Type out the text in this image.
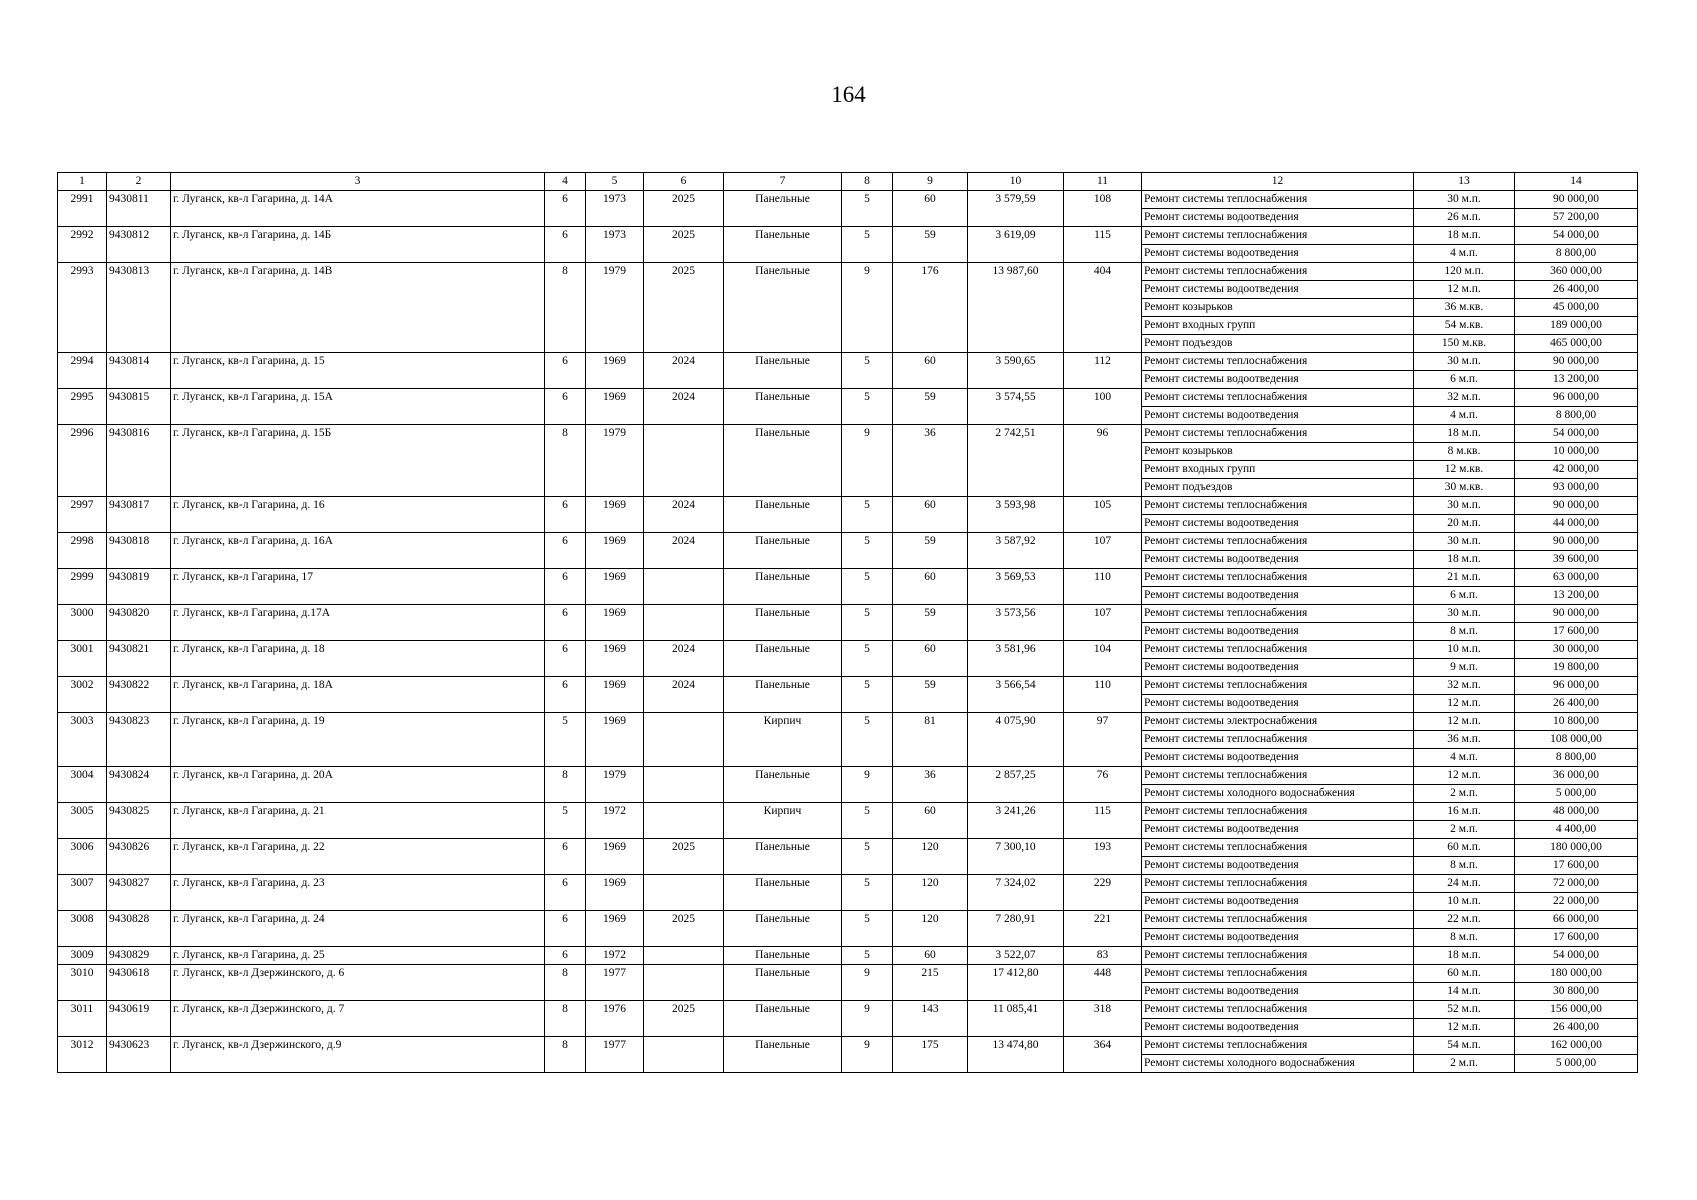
164
1	2	3	4	5	6	7	8	9	10	11	12	13	14
2991	9430811	г. Луганск, кв-л Гагарина, д. 14А	6	1973	2025	Панельные	5	60	3 579,59	108	Ремонт системы теплоснабжения	30 м.п.	90 000,00
											Ремонт системы водоотведения	26 м.п.	57 200,00
2992	9430812	г. Луганск, кв-л Гагарина, д. 14Б	6	1973	2025	Панельные	5	59	3 619,09	115	Ремонт системы теплоснабжения	18 м.п.	54 000,00
											Ремонт системы водоотведения	4 м.п.	8 800,00
2993	9430813	г. Луганск, кв-л Гагарина, д. 14В	8	1979	2025	Панельные	9	176	13 987,60	404	Ремонт системы теплоснабжения	120 м.п.	360 000,00
											Ремонт системы водоотведения	12 м.п.	26 400,00
											Ремонт козырьков	36 м.кв.	45 000,00
											Ремонт входных групп	54 м.кв.	189 000,00
											Ремонт подъездов	150 м.кв.	465 000,00
2994	9430814	г. Луганск, кв-л Гагарина, д. 15	6	1969	2024	Панельные	5	60	3 590,65	112	Ремонт системы теплоснабжения	30 м.п.	90 000,00
											Ремонт системы водоотведения	6 м.п.	13 200,00
2995	9430815	г. Луганск, кв-л Гагарина, д. 15А	6	1969	2024	Панельные	5	59	3 574,55	100	Ремонт системы теплоснабжения	32 м.п.	96 000,00
											Ремонт системы водоотведения	4 м.п.	8 800,00
2996	9430816	г. Луганск, кв-л Гагарина, д. 15Б	8	1979		Панельные	9	36	2 742,51	96	Ремонт системы теплоснабжения	18 м.п.	54 000,00
											Ремонт козырьков	8 м.кв.	10 000,00
											Ремонт входных групп	12 м.кв.	42 000,00
											Ремонт подъездов	30 м.кв.	93 000,00
2997	9430817	г. Луганск, кв-л Гагарина, д. 16	6	1969	2024	Панельные	5	60	3 593,98	105	Ремонт системы теплоснабжения	30 м.п.	90 000,00
											Ремонт системы водоотведения	20 м.п.	44 000,00
2998	9430818	г. Луганск, кв-л Гагарина, д. 16А	6	1969	2024	Панельные	5	59	3 587,92	107	Ремонт системы теплоснабжения	30 м.п.	90 000,00
											Ремонт системы водоотведения	18 м.п.	39 600,00
2999	9430819	г. Луганск, кв-л Гагарина, 17	6	1969		Панельные	5	60	3 569,53	110	Ремонт системы теплоснабжения	21 м.п.	63 000,00
											Ремонт системы водоотведения	6 м.п.	13 200,00
3000	9430820	г. Луганск, кв-л Гагарина, д.17А	6	1969		Панельные	5	59	3 573,56	107	Ремонт системы теплоснабжения	30 м.п.	90 000,00
											Ремонт системы водоотведения	8 м.п.	17 600,00
3001	9430821	г. Луганск, кв-л Гагарина, д. 18	6	1969	2024	Панельные	5	60	3 581,96	104	Ремонт системы теплоснабжения	10 м.п.	30 000,00
											Ремонт системы водоотведения	9 м.п.	19 800,00
3002	9430822	г. Луганск, кв-л Гагарина, д. 18А	6	1969	2024	Панельные	5	59	3 566,54	110	Ремонт системы теплоснабжения	32 м.п.	96 000,00
											Ремонт системы водоотведения	12 м.п.	26 400,00
3003	9430823	г. Луганск, кв-л Гагарина, д. 19	5	1969		Кирпич	5	81	4 075,90	97	Ремонт системы электроснабжения	12 м.п.	10 800,00
											Ремонт системы теплоснабжения	36 м.п.	108 000,00
											Ремонт системы водоотведения	4 м.п.	8 800,00
3004	9430824	г. Луганск, кв-л Гагарина, д. 20А	8	1979		Панельные	9	36	2 857,25	76	Ремонт системы теплоснабжения	12 м.п.	36 000,00
											Ремонт системы холодного водоснабжения	2 м.п.	5 000,00
3005	9430825	г. Луганск, кв-л Гагарина, д. 21	5	1972		Кирпич	5	60	3 241,26	115	Ремонт системы теплоснабжения	16 м.п.	48 000,00
											Ремонт системы водоотведения	2 м.п.	4 400,00
3006	9430826	г. Луганск, кв-л Гагарина, д. 22	6	1969	2025	Панельные	5	120	7 300,10	193	Ремонт системы теплоснабжения	60 м.п.	180 000,00
											Ремонт системы водоотведения	8 м.п.	17 600,00
3007	9430827	г. Луганск, кв-л Гагарина, д. 23	6	1969		Панельные	5	120	7 324,02	229	Ремонт системы теплоснабжения	24 м.п.	72 000,00
											Ремонт системы водоотведения	10 м.п.	22 000,00
3008	9430828	г. Луганск, кв-л Гагарина, д. 24	6	1969	2025	Панельные	5	120	7 280,91	221	Ремонт системы теплоснабжения	22 м.п.	66 000,00
											Ремонт системы водоотведения	8 м.п.	17 600,00
3009	9430829	г. Луганск, кв-л Гагарина, д. 25	6	1972		Панельные	5	60	3 522,07	83	Ремонт системы теплоснабжения	18 м.п.	54 000,00
3010	9430618	г. Луганск, кв-л Дзержинского, д. 6	8	1977		Панельные	9	215	17 412,80	448	Ремонт системы теплоснабжения	60 м.п.	180 000,00
											Ремонт системы водоотведения	14 м.п.	30 800,00
3011	9430619	г. Луганск, кв-л Дзержинского, д. 7	8	1976	2025	Панельные	9	143	11 085,41	318	Ремонт системы теплоснабжения	52 м.п.	156 000,00
											Ремонт системы водоотведения	12 м.п.	26 400,00
3012	9430623	г. Луганск, кв-л Дзержинского, д.9	8	1977		Панельные	9	175	13 474,80	364	Ремонт системы теплоснабжения	54 м.п.	162 000,00
											Ремонт системы холодного водоснабжения	2 м.п.	5 000,00
